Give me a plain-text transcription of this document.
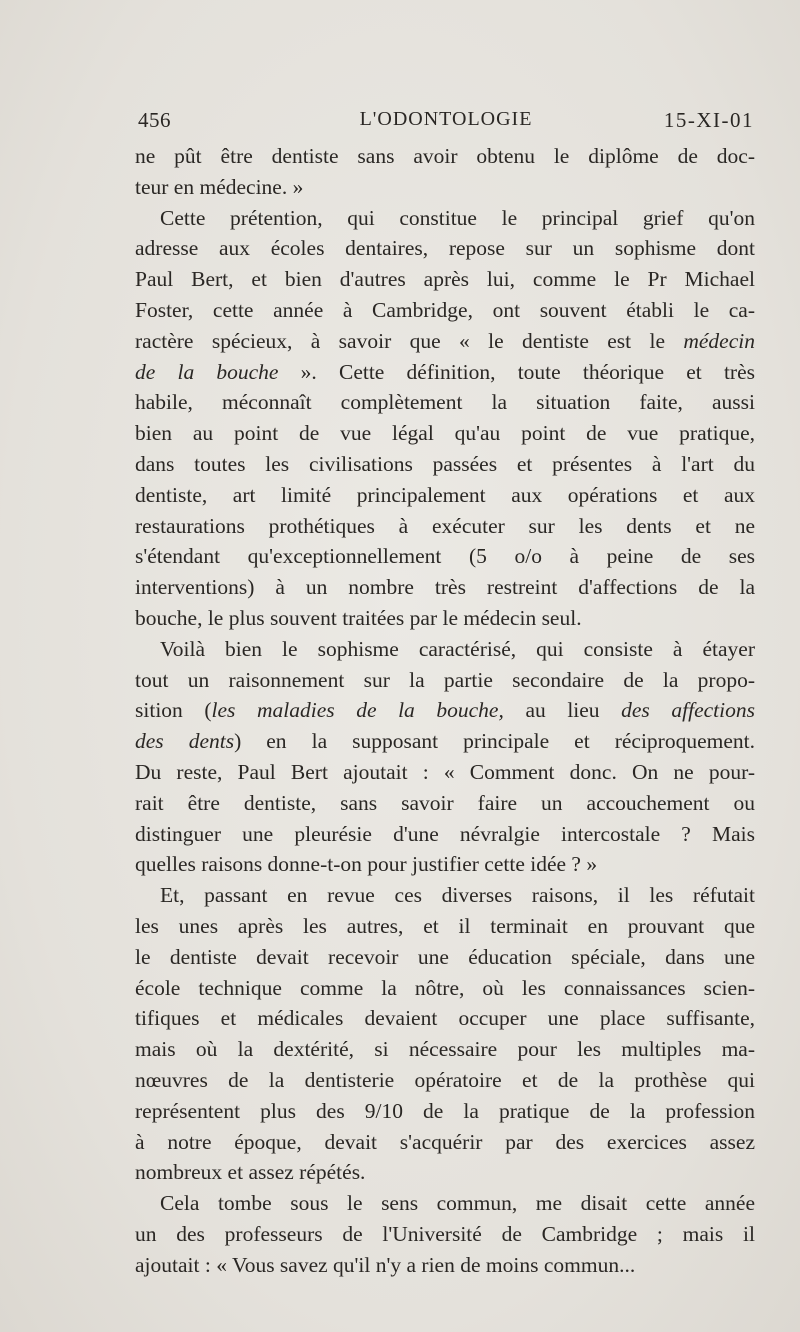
456	L'ODONTOLOGIE	15-XI-01
ne pût être dentiste sans avoir obtenu le diplôme de doc-
teur en médecine. »
Cette prétention, qui constitue le principal grief qu'on
adresse aux écoles dentaires, repose sur un sophisme dont
Paul Bert, et bien d'autres après lui, comme le Pr Michael
Foster, cette année à Cambridge, ont souvent établi le ca-
ractère spécieux, à savoir que « le dentiste est le médecin
de la bouche ». Cette définition, toute théorique et très
habile, méconnaît complètement la situation faite, aussi
bien au point de vue légal qu'au point de vue pratique,
dans toutes les civilisations passées et présentes à l'art du
dentiste, art limité principalement aux opérations et aux
restaurations prothétiques à exécuter sur les dents et ne
s'étendant qu'exceptionnellement (5 o/o à peine de ses
interventions) à un nombre très restreint d'affections de la
bouche, le plus souvent traitées par le médecin seul.
Voilà bien le sophisme caractérisé, qui consiste à étayer
tout un raisonnement sur la partie secondaire de la propo-
sition (les maladies de la bouche, au lieu des affections
des dents) en la supposant principale et réciproquement.
Du reste, Paul Bert ajoutait : « Comment donc. On ne pour-
rait être dentiste, sans savoir faire un accouchement ou
distinguer une pleurésie d'une névralgie intercostale ? Mais
quelles raisons donne-t-on pour justifier cette idée ? »
Et, passant en revue ces diverses raisons, il les réfutait
les unes après les autres, et il terminait en prouvant que
le dentiste devait recevoir une éducation spéciale, dans une
école technique comme la nôtre, où les connaissances scien-
tifiques et médicales devaient occuper une place suffisante,
mais où la dextérité, si nécessaire pour les multiples ma-
nœuvres de la dentisterie opératoire et de la prothèse qui
représentent plus des 9/10 de la pratique de la profession
à notre époque, devait s'acquérir par des exercices assez
nombreux et assez répétés.
Cela tombe sous le sens commun, me disait cette année
un des professeurs de l'Université de Cambridge ; mais il
ajoutait : « Vous savez qu'il n'y a rien de moins commun...
